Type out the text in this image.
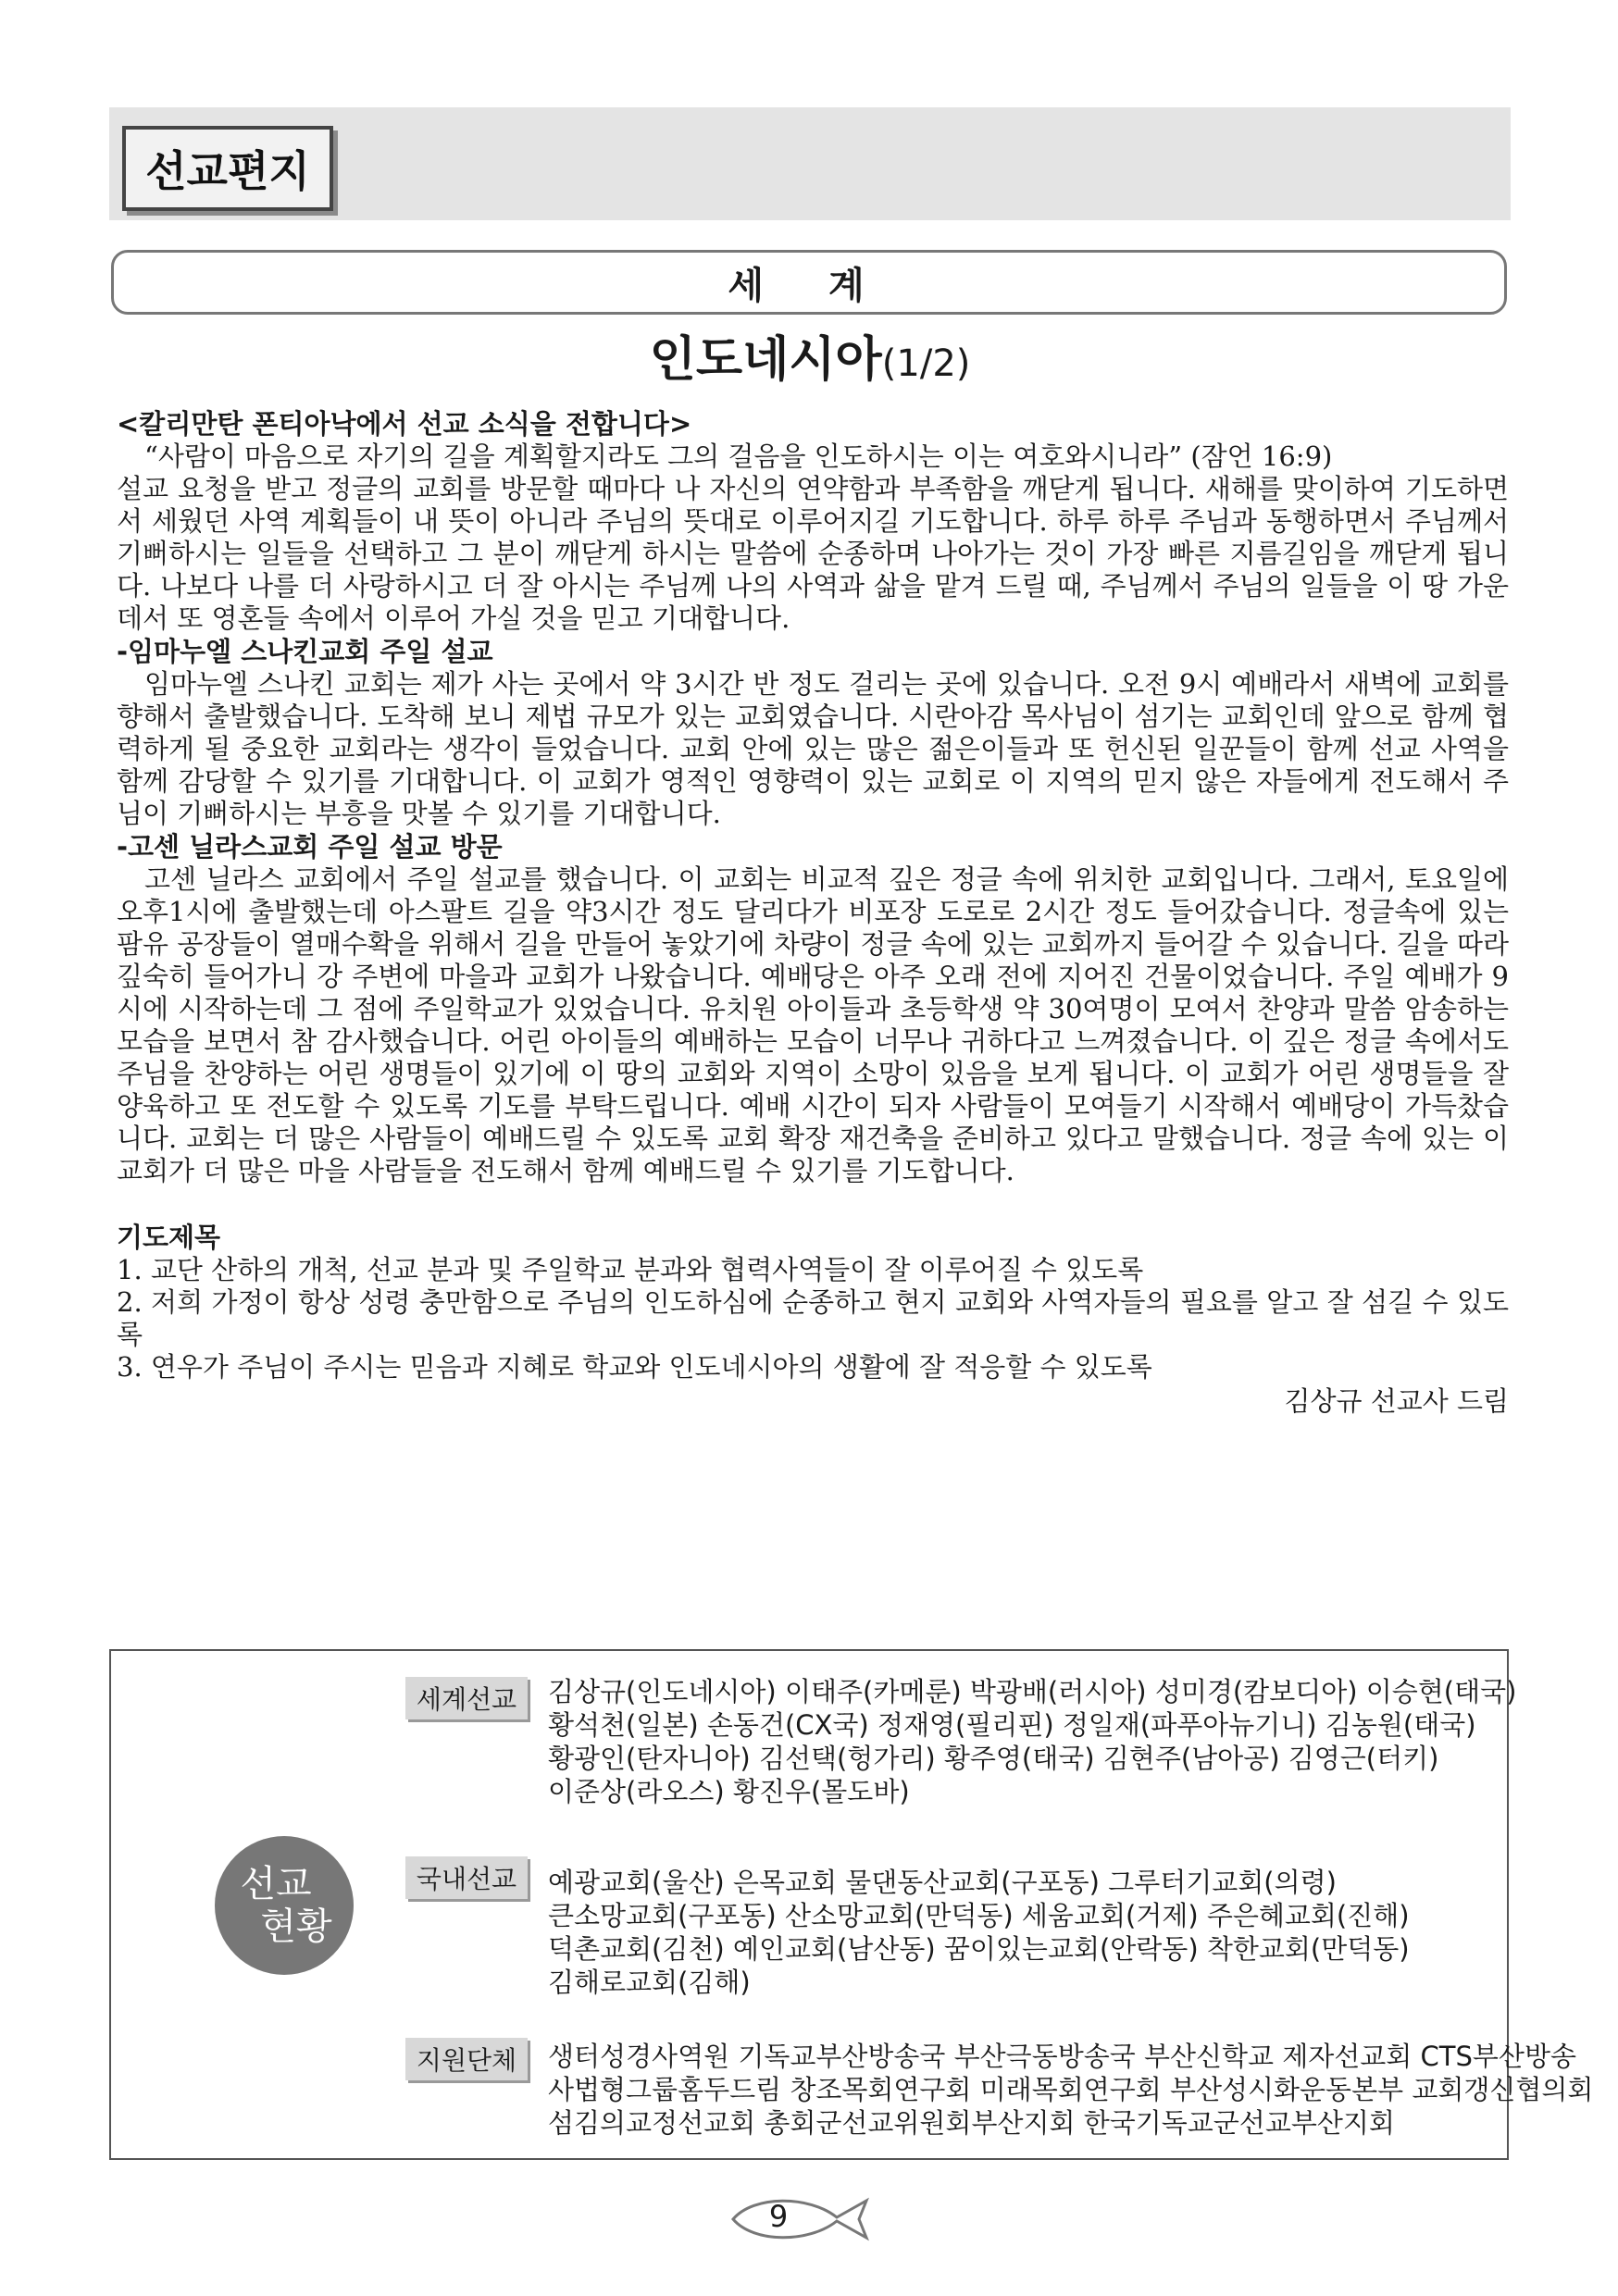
선교편지
세 계
인도네시아(1/2)

<칼리만탄 폰티아낙에서 선교 소식을 전합니다>

“사람이 마음으로 자기의 길을 계획할지라도 그의 걸음을 인도하시는 이는 여호와시니라” (잠언 16:9)

설교 요청을 받고 정글의 교회를 방문할 때마다 나 자신의 연약함과 부족함을 깨닫게 됩니다. 새해를 맞이하여 기도하면서 세웠던 사역 계획들이 내 뜻이 아니라 주님의 뜻대로 이루어지길 기도합니다. 하루 하루 주님과 동행하면서 주님께서 기뻐하시는 일들을 선택하고 그 분이 깨닫게 하시는 말씀에 순종하며 나아가는 것이 가장 빠른 지름길임을 깨닫게 됩니다. 나보다 나를 더 사랑하시고 더 잘 아시는 주님께 나의 사역과 삶을 맡겨 드릴 때, 주님께서 주님의 일들을 이 땅 가운데서 또 영혼들 속에서 이루어 가실 것을 믿고 기대합니다.

-임마누엘 스나킨교회 주일 설교

임마누엘 스나킨 교회는 제가 사는 곳에서 약 3시간 반 정도 걸리는 곳에 있습니다. 오전 9시 예배라서 새벽에 교회를 향해서 출발했습니다. 도착해 보니 제법 규모가 있는 교회였습니다. 시란아감 목사님이 섬기는 교회인데 앞으로 함께 협력하게 될 중요한 교회라는 생각이 들었습니다. 교회 안에 있는 많은 젊은이들과 또 헌신된 일꾼들이 함께 선교 사역을 함께 감당할 수 있기를 기대합니다. 이 교회가 영적인 영향력이 있는 교회로 이 지역의 믿지 않은 자들에게 전도해서 주님이 기뻐하시는 부흥을 맛볼 수 있기를 기대합니다.

-고센 닐라스교회 주일 설교 방문

고센 닐라스 교회에서 주일 설교를 했습니다. 이 교회는 비교적 깊은 정글 속에 위치한 교회입니다. 그래서, 토요일에 오후1시에 출발했는데 아스팔트 길을 약3시간 정도 달리다가 비포장 도로로 2시간 정도 들어갔습니다. 정글속에 있는 팜유 공장들이 열매수확을 위해서 길을 만들어 놓았기에 차량이 정글 속에 있는 교회까지 들어갈 수 있습니다. 길을 따라 깊숙히 들어가니 강 주변에 마을과 교회가 나왔습니다. 예배당은 아주 오래 전에 지어진 건물이었습니다. 주일 예배가 9시에 시작하는데 그 점에 주일학교가 있었습니다. 유치원 아이들과 초등학생 약 30여명이 모여서 찬양과 말씀 암송하는 모습을 보면서 참 감사했습니다. 어린 아이들의 예배하는 모습이 너무나 귀하다고 느껴졌습니다. 이 깊은 정글 속에서도 주님을 찬양하는 어린 생명들이 있기에 이 땅의 교회와 지역이 소망이 있음을 보게 됩니다. 이 교회가 어린 생명들을 잘 양육하고 또 전도할 수 있도록 기도를 부탁드립니다. 예배 시간이 되자 사람들이 모여들기 시작해서 예배당이 가득찼습니다. 교회는 더 많은 사람들이 예배드릴 수 있도록 교회 확장 재건축을 준비하고 있다고 말했습니다. 정글 속에 있는 이 교회가 더 많은 마을 사람들을 전도해서 함께 예배드릴 수 있기를 기도합니다.

기도제목

1. 교단 산하의 개척, 선교 분과 및 주일학교 분과와 협력사역들이 잘 이루어질 수 있도록
2. 저희 가정이 항상 성령 충만함으로 주님의 인도하심에 순종하고 현지 교회와 사역자들의 필요를 알고 잘 섬길 수 있도록
3. 연우가 주님이 주시는 믿음과 지혜로 학교와 인도네시아의 생활에 잘 적응할 수 있도록

김상규 선교사 드림

선교
현황
세계선교	김상규(인도네시아) 이태주(카메룬) 박광배(러시아) 성미경(캄보디아) 이승현(태국)
황석천(일본) 손동건(CX국) 정재영(필리핀) 정일재(파푸아뉴기니) 김농원(태국)
황광인(탄자니아) 김선택(헝가리) 황주영(태국) 김현주(남아공) 김영근(터키)
이준상(라오스) 황진우(몰도바)
국내선교	예광교회(울산) 은목교회 물댄동산교회(구포동) 그루터기교회(의령)
큰소망교회(구포동) 산소망교회(만덕동) 세움교회(거제) 주은혜교회(진해)
덕촌교회(김천) 예인교회(남산동) 꿈이있는교회(안락동) 착한교회(만덕동)
김해로교회(김해)
지원단체	생터성경사역원 기독교부산방송국 부산극동방송국 부산신학교 제자선교회 CTS부산방송
사법형그룹홈두드림 창조목회연구회 미래목회연구회 부산성시화운동본부 교회갱신협의회
섬김의교정선교회 총회군선교위원회부산지회 한국기독교군선교부산지회
9
